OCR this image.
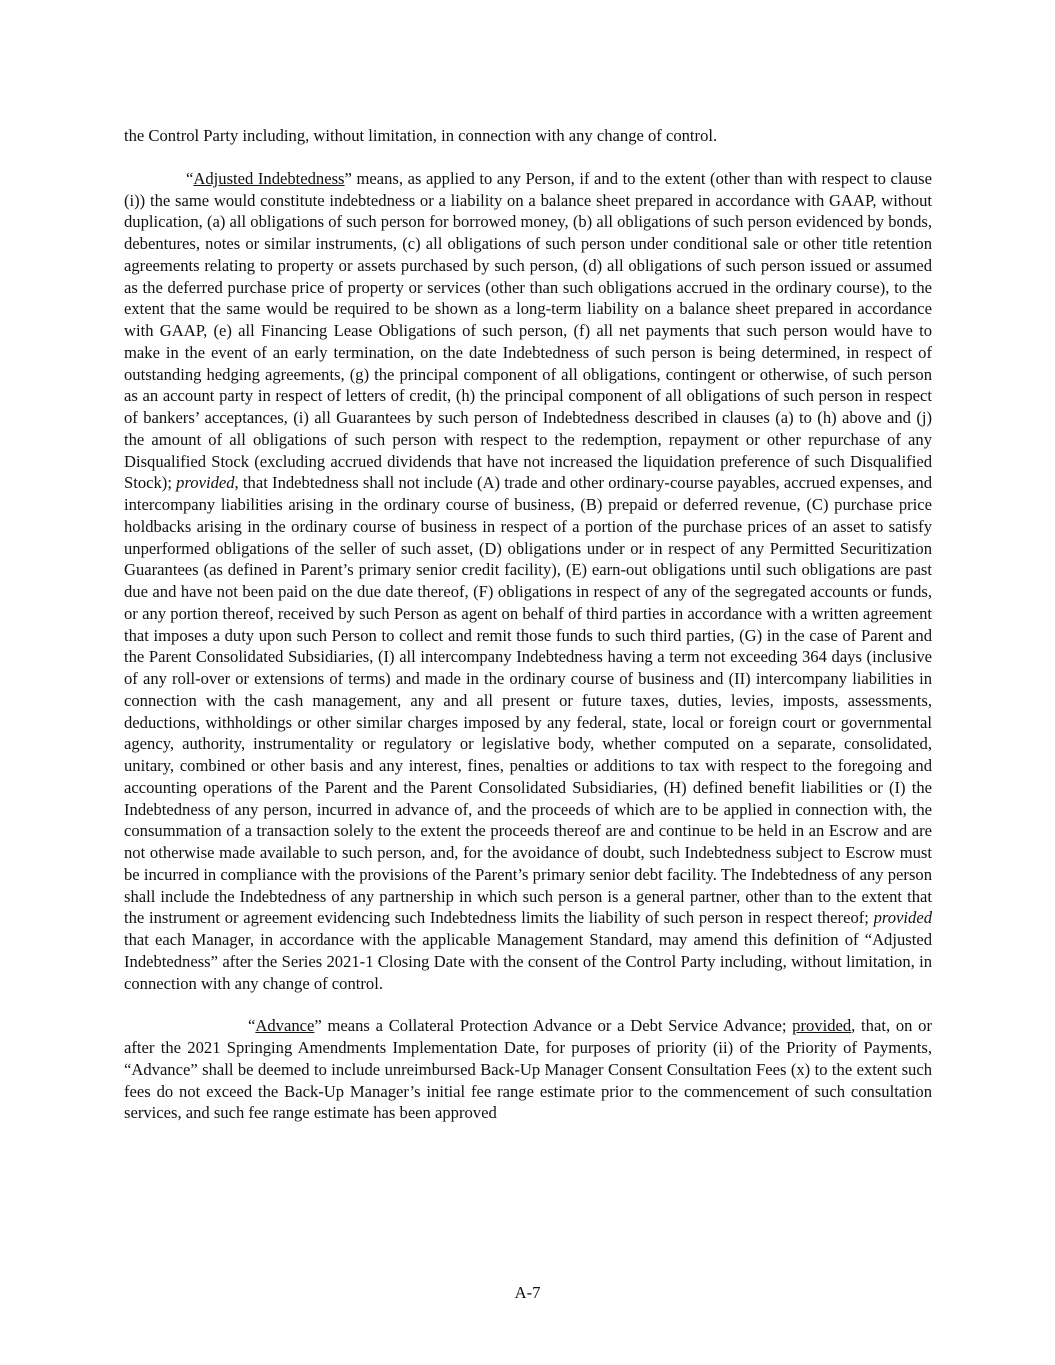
the Control Party including, without limitation, in connection with any change of control.

“Adjusted Indebtedness” means, as applied to any Person, if and to the extent (other than with respect to clause (i)) the same would constitute indebtedness or a liability on a balance sheet prepared in accordance with GAAP, without duplication, (a) all obligations of such person for borrowed money, (b) all obligations of such person evidenced by bonds, debentures, notes or similar instruments, (c) all obligations of such person under conditional sale or other title retention agreements relating to property or assets purchased by such person, (d) all obligations of such person issued or assumed as the deferred purchase price of property or services (other than such obligations accrued in the ordinary course), to the extent that the same would be required to be shown as a long-term liability on a balance sheet prepared in accordance with GAAP, (e) all Financing Lease Obligations of such person, (f) all net payments that such person would have to make in the event of an early termination, on the date Indebtedness of such person is being determined, in respect of outstanding hedging agreements, (g) the principal component of all obligations, contingent or otherwise, of such person as an account party in respect of letters of credit, (h) the principal component of all obligations of such person in respect of bankers’ acceptances, (i) all Guarantees by such person of Indebtedness described in clauses (a) to (h) above and (j) the amount of all obligations of such person with respect to the redemption, repayment or other repurchase of any Disqualified Stock (excluding accrued dividends that have not increased the liquidation preference of such Disqualified Stock); provided, that Indebtedness shall not include (A) trade and other ordinary-course payables, accrued expenses, and intercompany liabilities arising in the ordinary course of business, (B) prepaid or deferred revenue, (C) purchase price holdbacks arising in the ordinary course of business in respect of a portion of the purchase prices of an asset to satisfy unperformed obligations of the seller of such asset, (D) obligations under or in respect of any Permitted Securitization Guarantees (as defined in Parent’s primary senior credit facility), (E) earn-out obligations until such obligations are past due and have not been paid on the due date thereof, (F) obligations in respect of any of the segregated accounts or funds, or any portion thereof, received by such Person as agent on behalf of third parties in accordance with a written agreement that imposes a duty upon such Person to collect and remit those funds to such third parties, (G) in the case of Parent and the Parent Consolidated Subsidiaries, (I) all intercompany Indebtedness having a term not exceeding 364 days (inclusive of any roll-over or extensions of terms) and made in the ordinary course of business and (II) intercompany liabilities in connection with the cash management, any and all present or future taxes, duties, levies, imposts, assessments, deductions, withholdings or other similar charges imposed by any federal, state, local or foreign court or governmental agency, authority, instrumentality or regulatory or legislative body, whether computed on a separate, consolidated, unitary, combined or other basis and any interest, fines, penalties or additions to tax with respect to the foregoing and accounting operations of the Parent and the Parent Consolidated Subsidiaries, (H) defined benefit liabilities or (I) the Indebtedness of any person, incurred in advance of, and the proceeds of which are to be applied in connection with, the consummation of a transaction solely to the extent the proceeds thereof are and continue to be held in an Escrow and are not otherwise made available to such person, and, for the avoidance of doubt, such Indebtedness subject to Escrow must be incurred in compliance with the provisions of the Parent’s primary senior debt facility. The Indebtedness of any person shall include the Indebtedness of any partnership in which such person is a general partner, other than to the extent that the instrument or agreement evidencing such Indebtedness limits the liability of such person in respect thereof; provided that each Manager, in accordance with the applicable Management Standard, may amend this definition of “Adjusted Indebtedness” after the Series 2021-1 Closing Date with the consent of the Control Party including, without limitation, in connection with any change of control.

“Advance” means a Collateral Protection Advance or a Debt Service Advance; provided, that, on or after the 2021 Springing Amendments Implementation Date, for purposes of priority (ii) of the Priority of Payments, “Advance” shall be deemed to include unreimbursed Back-Up Manager Consent Consultation Fees (x) to the extent such fees do not exceed the Back-Up Manager’s initial fee range estimate prior to the commencement of such consultation services, and such fee range estimate has been approved

A-7
